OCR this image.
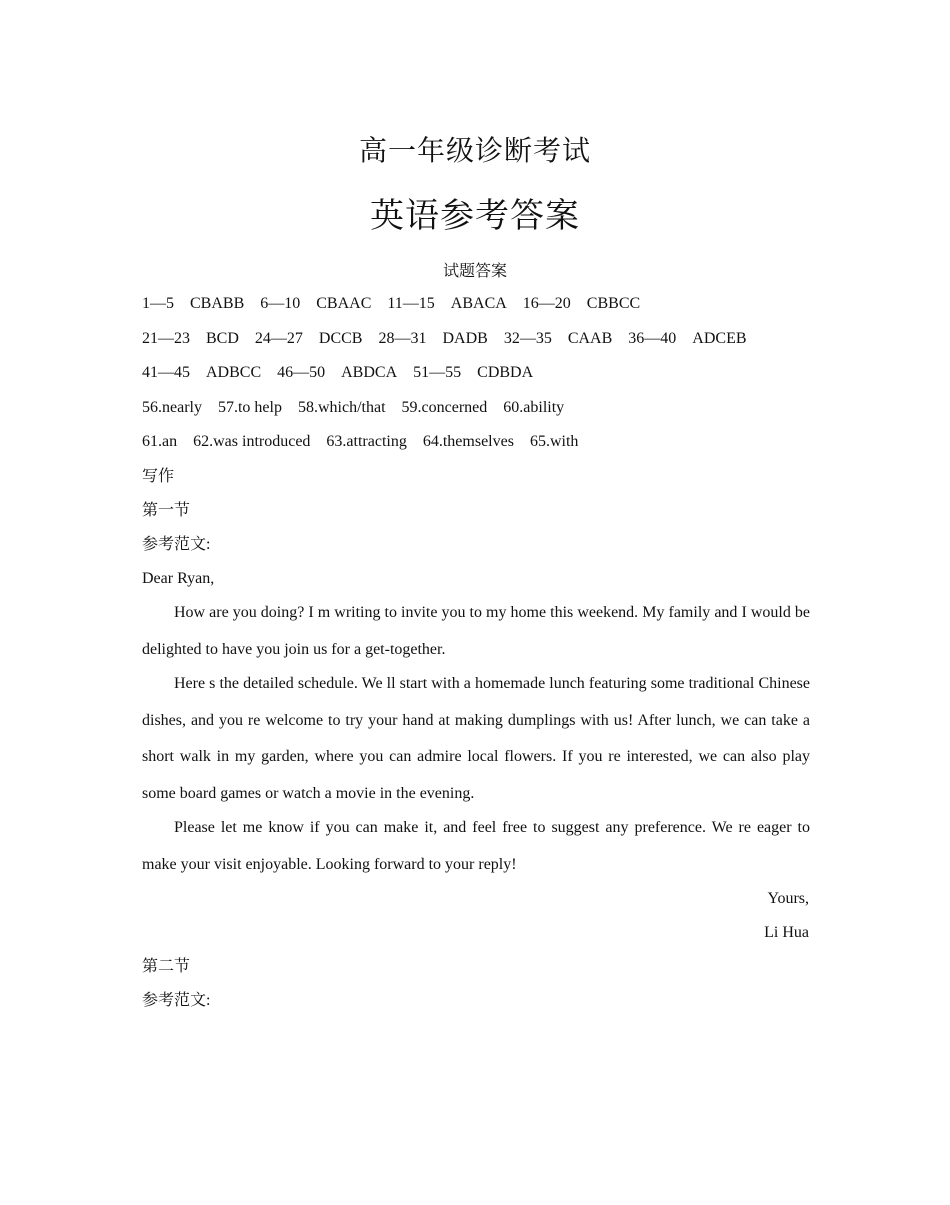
高一年级诊断考试
英语参考答案
试题答案
1—5 CBABB 6—10 CBAAC 11—15 ABACA 16—20 CBBCC
21—23 BCD 24—27 DCCB 28—31 DADB 32—35 CAAB 36—40 ADCEB
41—45 ADBCC 46—50 ABDCA 51—55 CDBDA
56.nearly 57.to help 58.which/that 59.concerned 60.ability
61.an 62.was introduced 63.attracting 64.themselves 65.with
写作
第一节
参考范文:
Dear Ryan,
How are you doing? I m writing to invite you to my home this weekend. My family and I would be delighted to have you join us for a get-together.
Here s the detailed schedule. We ll start with a homemade lunch featuring some traditional Chinese dishes, and you re welcome to try your hand at making dumplings with us! After lunch, we can take a short walk in my garden, where you can admire local flowers. If you re interested, we can also play some board games or watch a movie in the evening.
Please let me know if you can make it, and feel free to suggest any preference. We re eager to make your visit enjoyable. Looking forward to your reply!
Yours,
Li Hua
第二节
参考范文:
